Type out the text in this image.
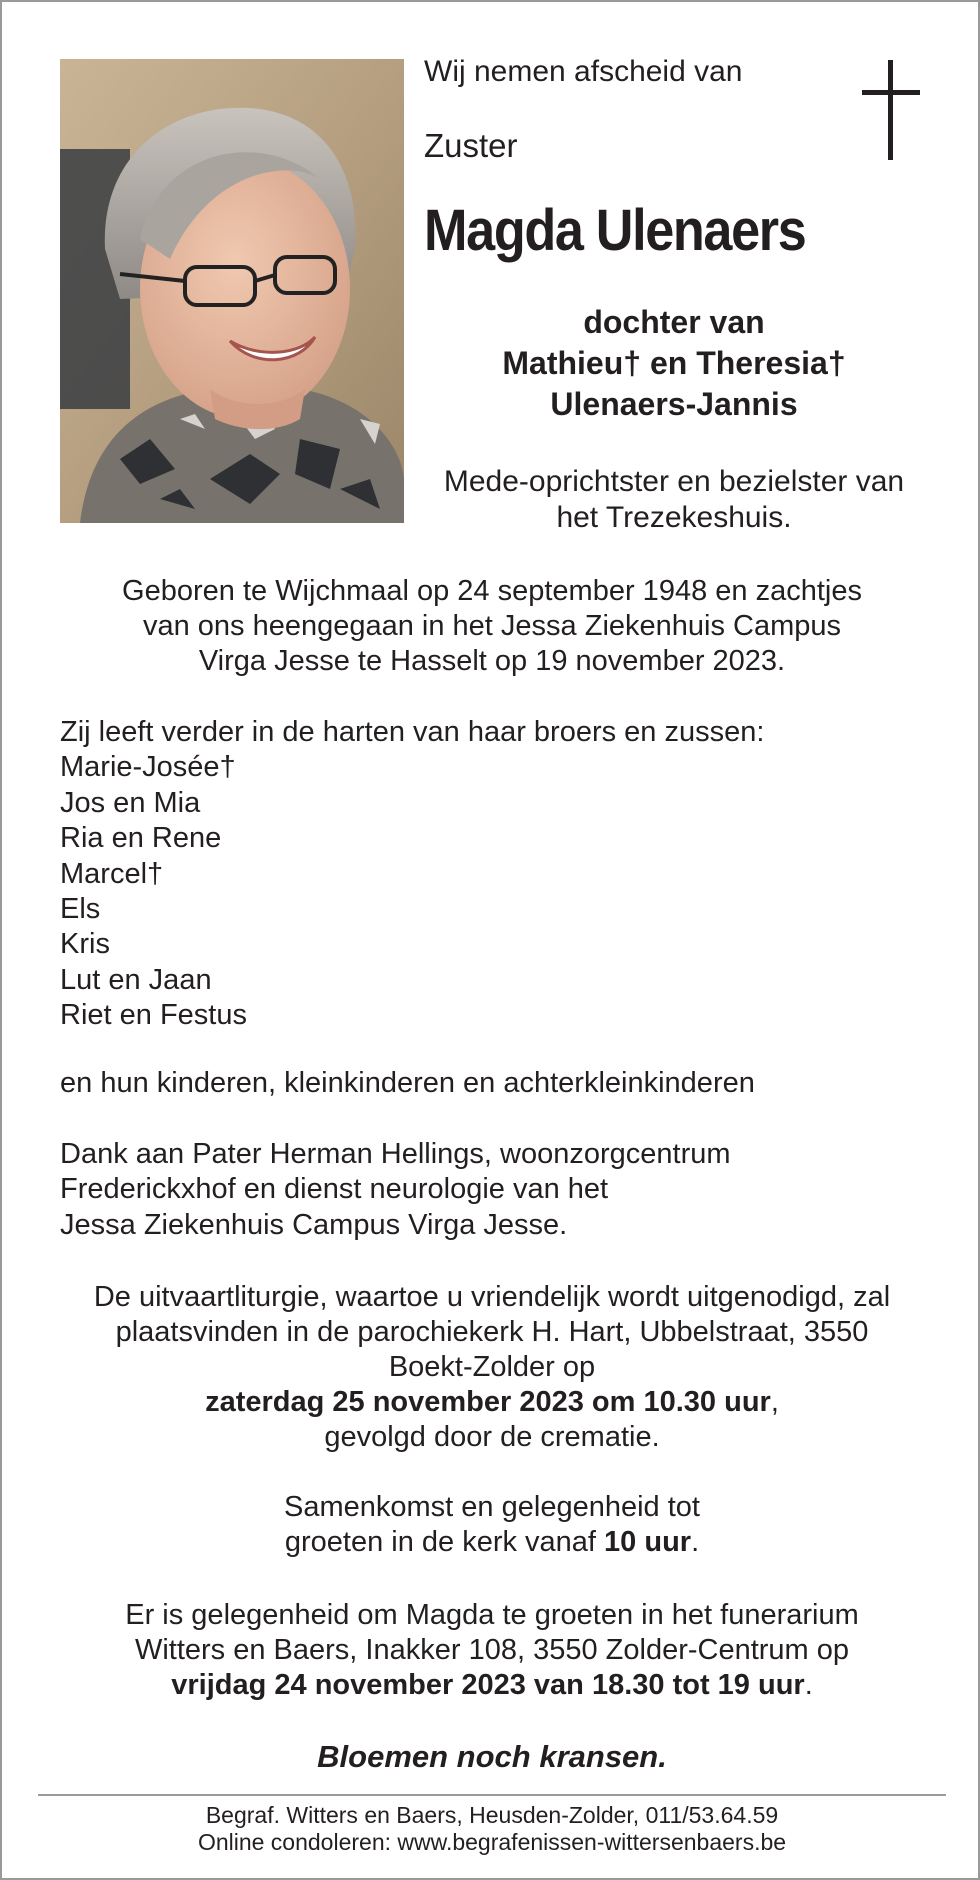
Wij nemen afscheid van
Zuster
Magda Ulenaers
dochter van
Mathieu† en Theresia†
Ulenaers-Jannis
Mede-oprichtster en bezielster van
het Trezekeshuis.
Geboren te Wijchmaal op 24 september 1948 en zachtjes
van ons heengegaan in het Jessa Ziekenhuis Campus
Virga Jesse te Hasselt op 19 november 2023.
Zij leeft verder in de harten van haar broers en zussen:
Marie-Josée†
Jos en Mia
Ria en Rene
Marcel†
Els
Kris
Lut en Jaan
Riet en Festus
en hun kinderen, kleinkinderen en achterkleinkinderen
Dank aan Pater Herman Hellings, woonzorgcentrum
Frederickxhof en dienst neurologie van het
Jessa Ziekenhuis Campus Virga Jesse.
De uitvaartliturgie, waartoe u vriendelijk wordt uitgenodigd, zal
plaatsvinden in de parochiekerk H. Hart, Ubbelstraat, 3550
Boekt-Zolder op
zaterdag 25 november 2023 om 10.30 uur,
gevolgd door de crematie.
Samenkomst en gelegenheid tot
groeten in de kerk vanaf 10 uur.
Er is gelegenheid om Magda te groeten in het funerarium
Witters en Baers, Inakker 108, 3550 Zolder-Centrum op
vrijdag 24 november 2023 van 18.30 tot 19 uur.
Bloemen noch kransen.
Begraf. Witters en Baers, Heusden-Zolder, 011/53.64.59
Online condoleren: www.begrafenissen-wittersenbaers.be
